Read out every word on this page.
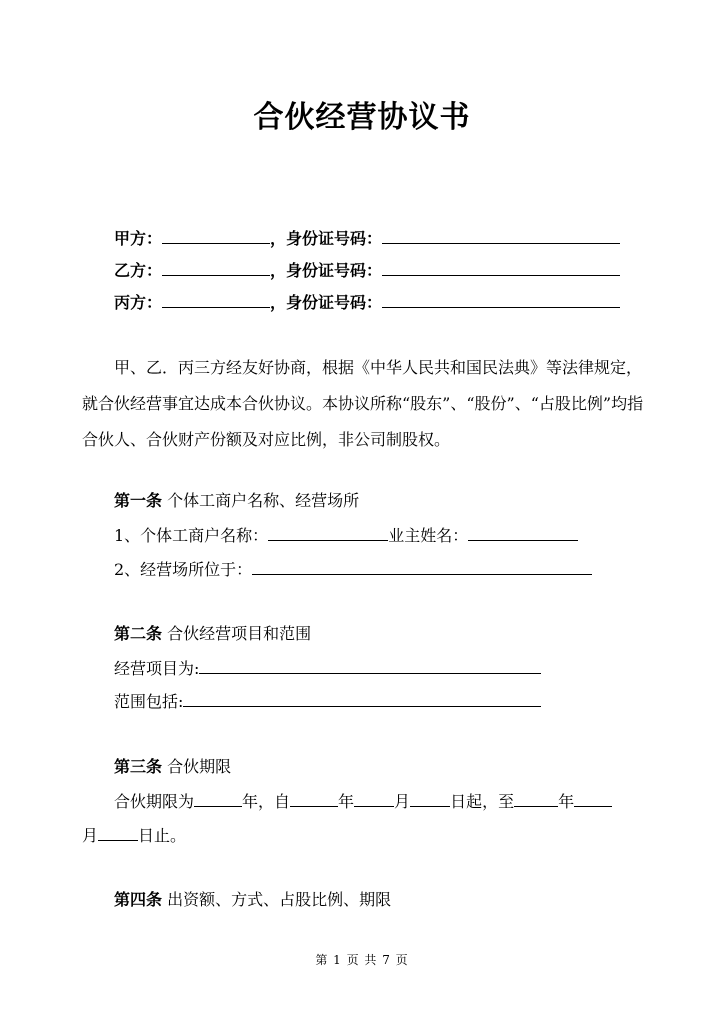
合伙经营协议书
甲方：	，身份证号码：
乙方：	，身份证号码：
丙方：	，身份证号码：
甲、乙．丙三方经友好协商，根据《中华人民共和国民法典》等法律规定，就合伙经营事宜达成本合伙协议。本协议所称“股东”、“股份”、“占股比例”均指合伙人、合伙财产份额及对应比例，非公司制股权。
第一条 个体工商户名称、经营场所
1、个体工商户名称：	业主姓名：
2、经营场所位于：
第二条 合伙经营项目和范围
经营项目为:
范围包括:
第三条 合伙期限
合伙期限为	年，自	年	月	日起，至	年
月	日止。
第四条 出资额、方式、占股比例、期限
第 1 页 共 7 页
